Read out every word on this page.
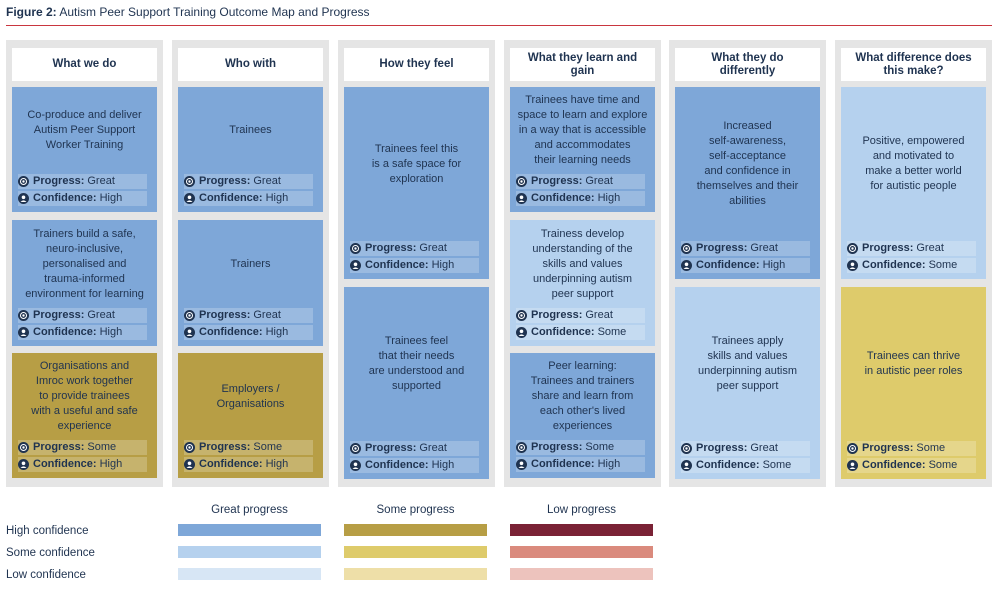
Figure 2: Autism Peer Support Training Outcome Map and Progress
What we do
Co-produce and deliver
Autism Peer Support
Worker Training
Progress: Great
Confidence: High
Trainers build a safe,
neuro-inclusive,
personalised and
trauma-informed
environment for learning
Progress: Great
Confidence: High
Organisations and
Imroc work together
to provide trainees
with a useful and safe
experience
Progress: Some
Confidence: High
Who with
Trainees
Progress: Great
Confidence: High
Trainers
Progress: Great
Confidence: High
Employers /
Organisations
Progress: Some
Confidence: High
How they feel
Trainees feel this
is a safe space for
exploration
Progress: Great
Confidence: High
Trainees feel
that their needs
are understood and
supported
Progress: Great
Confidence: High
What they learn and gain
Trainees have time and
space to learn and explore
in a way that is accessible
and accommodates
their learning needs
Progress: Great
Confidence: High
Trainess develop
understanding of the
skills and values
underpinning autism
peer support
Progress: Great
Confidence: Some
Peer learning:
Trainees and trainers
share and learn from
each other's lived
experiences
Progress: Some
Confidence: High
What they do differently
Increased
self-awareness,
self-acceptance
and confidence in
themselves and their
abilities
Progress: Great
Confidence: High
Trainees apply
skills and values
underpinning autism
peer support
Progress: Great
Confidence: Some
What difference does this make?
Positive, empowered
and motivated to
make a better world
for autistic people
Progress: Great
Confidence: Some
Trainees can thrive
in autistic peer roles
Progress: Some
Confidence: Some
Great progress	Some progress	Low progress
High confidence
Some confidence
Low confidence
